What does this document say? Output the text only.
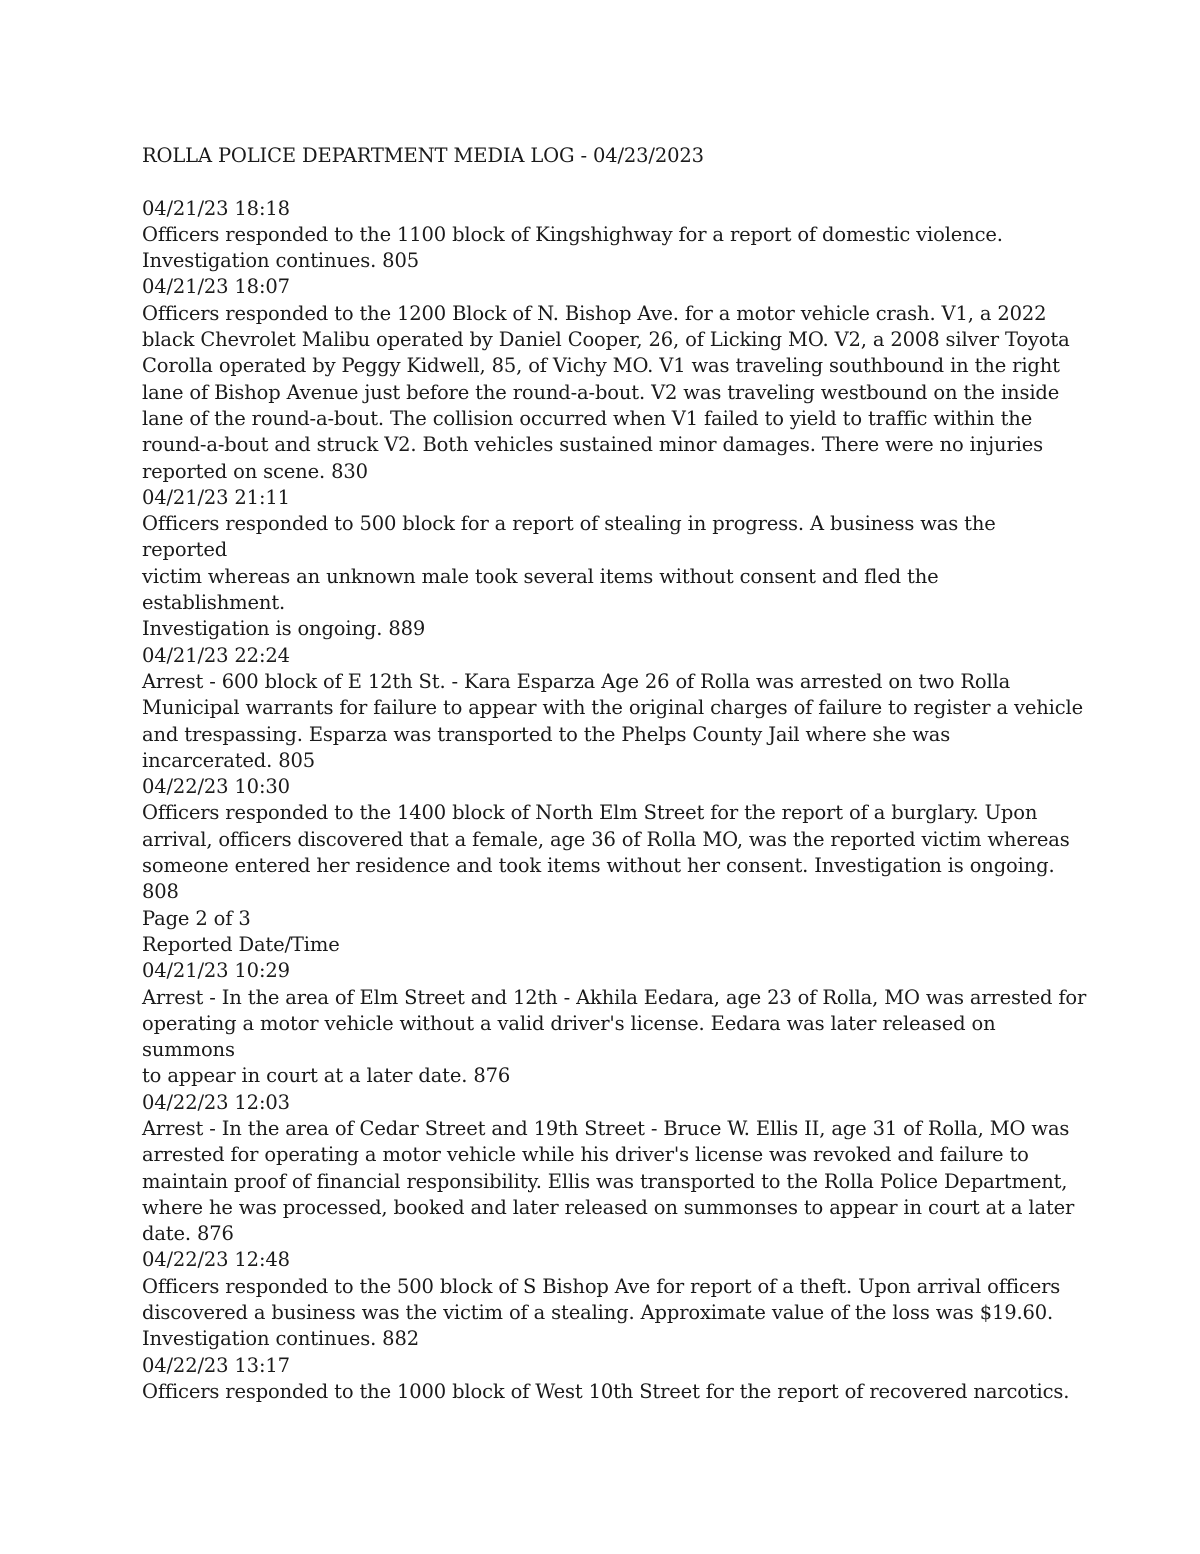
ROLLA POLICE DEPARTMENT MEDIA LOG - 04/23/2023
04/21/23 18:18
Officers responded to the 1100 block of Kingshighway for a report of domestic violence.
Investigation continues. 805
04/21/23 18:07
Officers responded to the 1200 Block of N. Bishop Ave. for a motor vehicle crash. V1, a 2022
black Chevrolet Malibu operated by Daniel Cooper, 26, of Licking MO. V2, a 2008 silver Toyota
Corolla operated by Peggy Kidwell, 85, of Vichy MO. V1 was traveling southbound in the right
lane of Bishop Avenue just before the round-a-bout. V2 was traveling westbound on the inside
lane of the round-a-bout. The collision occurred when V1 failed to yield to traffic within the
round-a-bout and struck V2. Both vehicles sustained minor damages. There were no injuries
reported on scene. 830
04/21/23 21:11
Officers responded to 500 block for a report of stealing in progress. A business was the
reported
victim whereas an unknown male took several items without consent and fled the
establishment.
Investigation is ongoing. 889
04/21/23 22:24
Arrest - 600 block of E 12th St. - Kara Esparza Age 26 of Rolla was arrested on two Rolla
Municipal warrants for failure to appear with the original charges of failure to register a vehicle
and trespassing. Esparza was transported to the Phelps County Jail where she was
incarcerated. 805
04/22/23 10:30
Officers responded to the 1400 block of North Elm Street for the report of a burglary. Upon
arrival, officers discovered that a female, age 36 of Rolla MO, was the reported victim whereas
someone entered her residence and took items without her consent. Investigation is ongoing.
808
Page 2 of 3
Reported Date/Time
04/21/23 10:29
Arrest - In the area of Elm Street and 12th - Akhila Eedara, age 23 of Rolla, MO was arrested for
operating a motor vehicle without a valid driver's license. Eedara was later released on
summons
to appear in court at a later date. 876
04/22/23 12:03
Arrest - In the area of Cedar Street and 19th Street - Bruce W. Ellis II, age 31 of Rolla, MO was
arrested for operating a motor vehicle while his driver's license was revoked and failure to
maintain proof of financial responsibility. Ellis was transported to the Rolla Police Department,
where he was processed, booked and later released on summonses to appear in court at a later
date. 876
04/22/23 12:48
Officers responded to the 500 block of S Bishop Ave for report of a theft. Upon arrival officers
discovered a business was the victim of a stealing. Approximate value of the loss was $19.60.
Investigation continues. 882
04/22/23 13:17
Officers responded to the 1000 block of West 10th Street for the report of recovered narcotics.
